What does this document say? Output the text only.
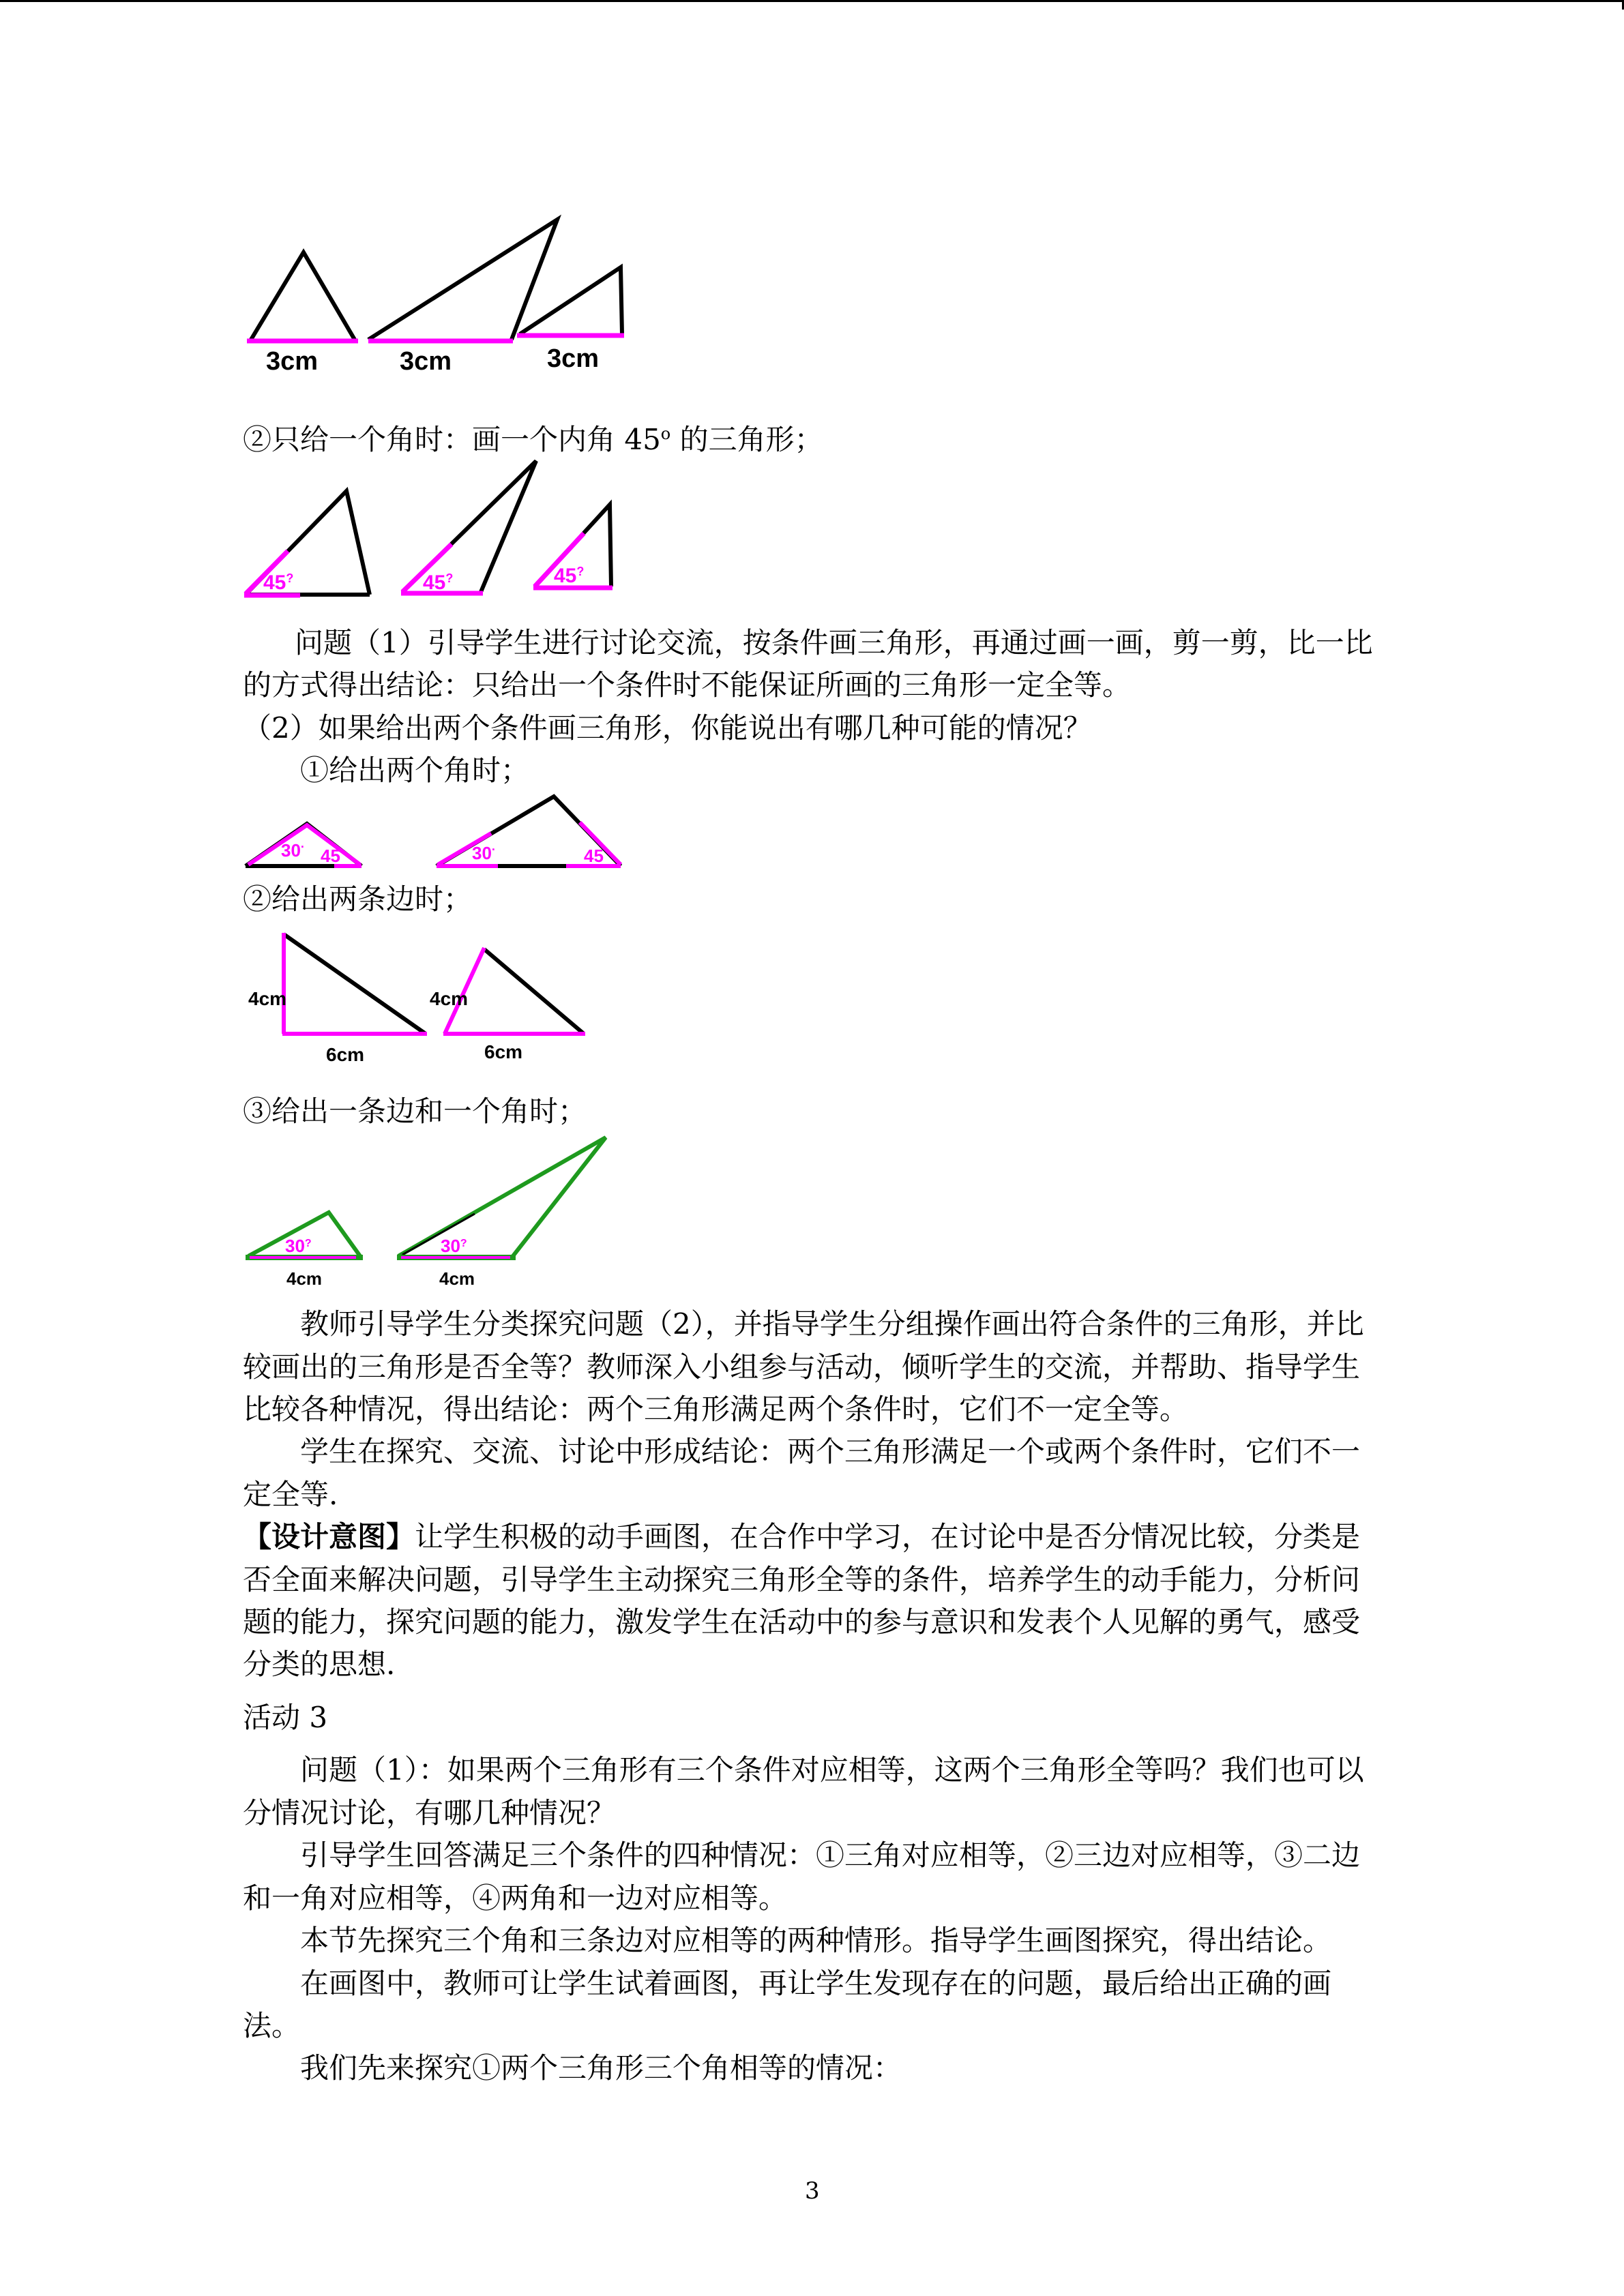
3cm	3cm	3cm
②只给一个角时：画一个内角 45$^o$ 的三角形；
45?	45?	45?
问题（1）引导学生进行讨论交流，按条件画三角形，再通过画一画，剪一剪，比一比
的方式得出结论：只给出一个条件时不能保证所画的三角形一定全等。
（2）如果给出两个条件画三角形，你能说出有哪几种可能的情况？
①给出两个角时；
30· 45	30·	45
②给出两条边时；
4cm
6cm
4cm
6cm
③给出一条边和一个角时；
30?
4cm
30?
4cm
教师引导学生分类探究问题（2），并指导学生分组操作画出符合条件的三角形，并比
较画出的三角形是否全等？教师深入小组参与活动，倾听学生的交流，并帮助、指导学生
比较各种情况，得出结论：两个三角形满足两个条件时，它们不一定全等。
学生在探究、交流、讨论中形成结论：两个三角形满足一个或两个条件时，它们不一
定全等.
【设计意图】让学生积极的动手画图，在合作中学习，在讨论中是否分情况比较，分类是
否全面来解决问题，引导学生主动探究三角形全等的条件，培养学生的动手能力，分析问
题的能力，探究问题的能力，激发学生在活动中的参与意识和发表个人见解的勇气，感受
分类的思想.
活动 3
问题（1）：如果两个三角形有三个条件对应相等，这两个三角形全等吗？我们也可以
分情况讨论，有哪几种情况？
引导学生回答满足三个条件的四种情况：①三角对应相等，②三边对应相等，③二边
和一角对应相等，④两角和一边对应相等。
本节先探究三个角和三条边对应相等的两种情形。指导学生画图探究，得出结论。
在画图中，教师可让学生试着画图，再让学生发现存在的问题，最后给出正确的画
法。
我们先来探究①两个三角形三个角相等的情况：
3
